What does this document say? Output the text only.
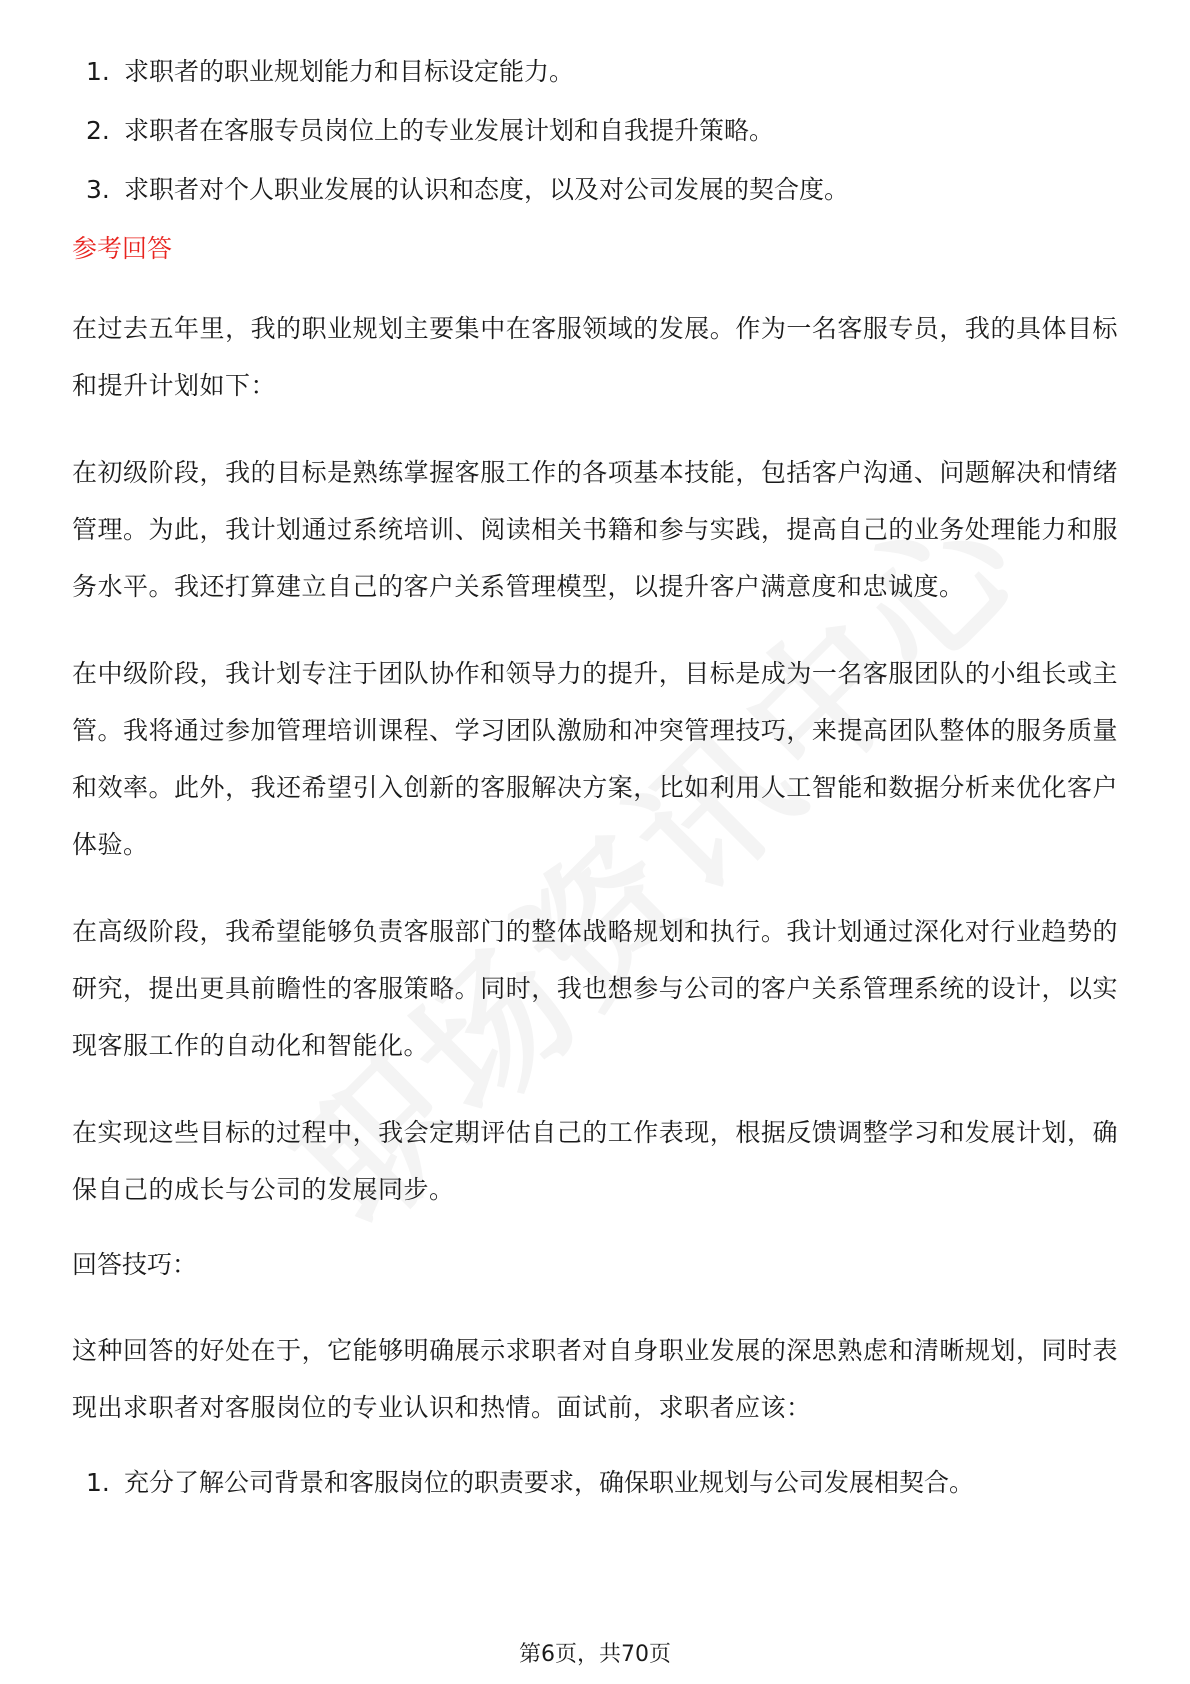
1. 求职者的职业规划能力和目标设定能力。
2. 求职者在客服专员岗位上的专业发展计划和自我提升策略。
3. 求职者对个人职业发展的认识和态度，以及对公司发展的契合度。
参考回答

在过去五年里，我的职业规划主要集中在客服领域的发展。作为一名客服专员，我的具体目标和提升计划如下：

在初级阶段，我的目标是熟练掌握客服工作的各项基本技能，包括客户沟通、问题解决和情绪管理。为此，我计划通过系统培训、阅读相关书籍和参与实践，提高自己的业务处理能力和服务水平。我还打算建立自己的客户关系管理模型，以提升客户满意度和忠诚度。

在中级阶段，我计划专注于团队协作和领导力的提升，目标是成为一名客服团队的小组长或主管。我将通过参加管理培训课程、学习团队激励和冲突管理技巧，来提高团队整体的服务质量和效率。此外，我还希望引入创新的客服解决方案，比如利用人工智能和数据分析来优化客户体验。

在高级阶段，我希望能够负责客服部门的整体战略规划和执行。我计划通过深化对行业趋势的研究，提出更具前瞻性的客服策略。同时，我也想参与公司的客户关系管理系统的设计，以实现客服工作的自动化和智能化。

在实现这些目标的过程中，我会定期评估自己的工作表现，根据反馈调整学习和发展计划，确保自己的成长与公司的发展同步。

回答技巧：

这种回答的好处在于，它能够明确展示求职者对自身职业发展的深思熟虑和清晰规划，同时表现出求职者对客服岗位的专业认识和热情。面试前，求职者应该：

1. 充分了解公司背景和客服岗位的职责要求，确保职业规划与公司发展相契合。
第6页，共70页
